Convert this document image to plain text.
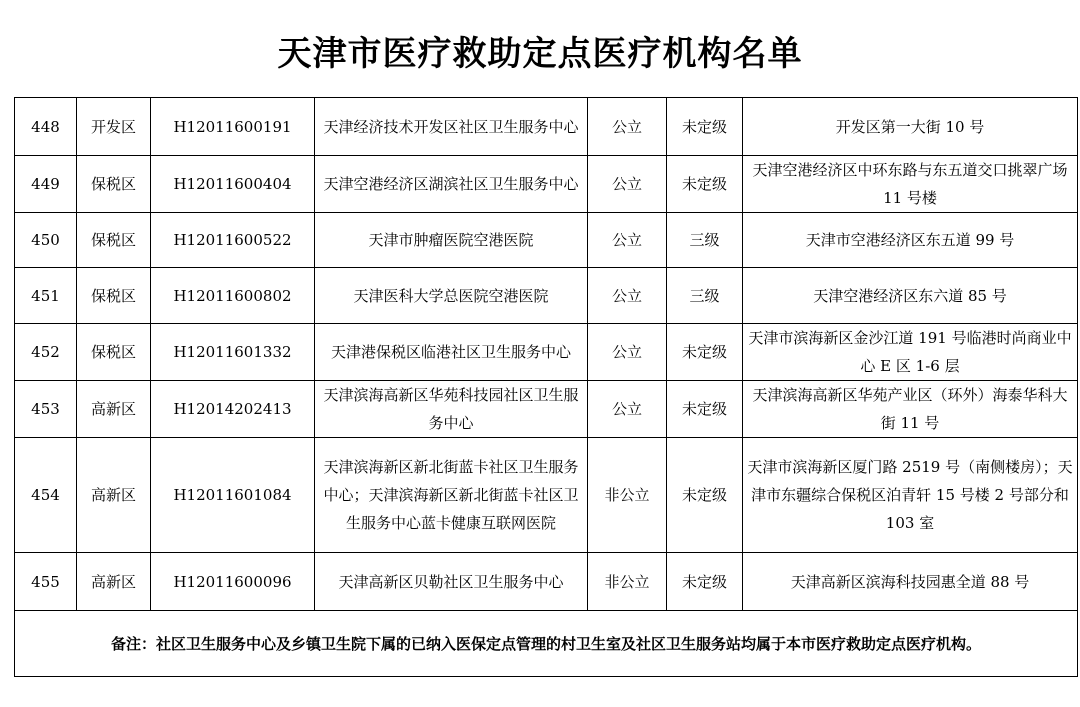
天津市医疗救助定点医疗机构名单
448	开发区	H12011600191	天津经济技术开发区社区卫生服务中心	公立	未定级	开发区第一大街 10 号
449	保税区	H12011600404	天津空港经济区湖滨社区卫生服务中心	公立	未定级	天津空港经济区中环东路与东五道交口挑翠广场 11 号楼
450	保税区	H12011600522	天津市肿瘤医院空港医院	公立	三级	天津市空港经济区东五道 99 号
451	保税区	H12011600802	天津医科大学总医院空港医院	公立	三级	天津空港经济区东六道 85 号
452	保税区	H12011601332	天津港保税区临港社区卫生服务中心	公立	未定级	天津市滨海新区金沙江道 191 号临港时尚商业中心 E 区 1-6 层
453	高新区	H12014202413	天津滨海高新区华苑科技园社区卫生服务中心	公立	未定级	天津滨海高新区华苑产业区（环外）海泰华科大街 11 号
454	高新区	H12011601084	天津滨海新区新北街蓝卡社区卫生服务中心；天津滨海新区新北街蓝卡社区卫生服务中心蓝卡健康互联网医院	非公立	未定级	天津市滨海新区厦门路 2519 号（南侧楼房）；天津市东疆综合保税区泊青轩 15 号楼 2 号部分和 103 室
455	高新区	H12011600096	天津高新区贝勒社区卫生服务中心	非公立	未定级	天津高新区滨海科技园惠全道 88 号
备注：社区卫生服务中心及乡镇卫生院下属的已纳入医保定点管理的村卫生室及社区卫生服务站均属于本市医疗救助定点医疗机构。						
